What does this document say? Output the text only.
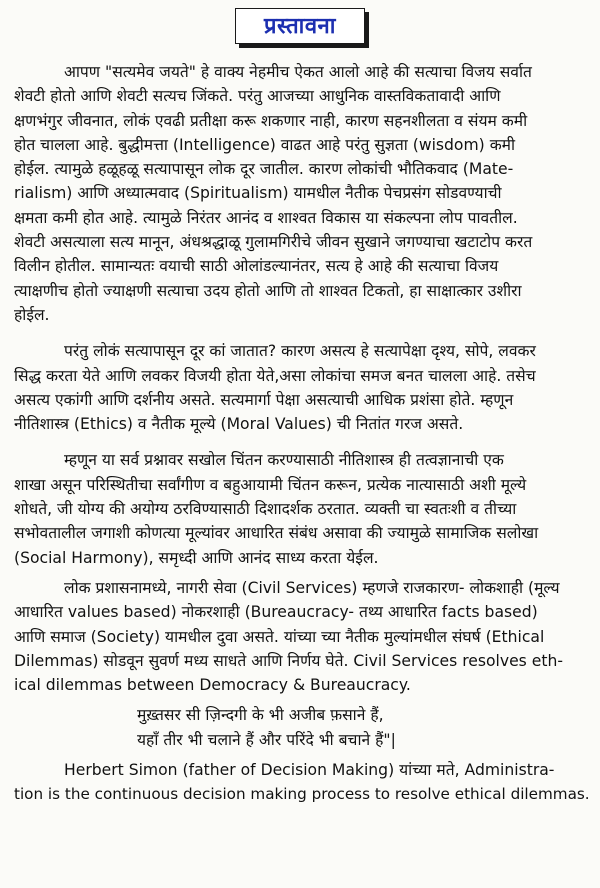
प्रस्तावना

आपण "सत्यमेव जयते" हे वाक्य नेहमीच ऐकत आलो आहे की सत्याचा विजय सर्वात
शेवटी होतो आणि शेवटी सत्यच जिंकते. परंतु आजच्या आधुनिक वास्तविकतावादी आणि
क्षणभंगुर जीवनात, लोकं एवढी प्रतीक्षा करू शकणार नाही, कारण सहनशीलता व संयम कमी
होत चालला आहे. बुद्धीमत्ता (Intelligence) वाढत आहे परंतु सुज्ञता (wisdom) कमी
होईल. त्यामुळे हळूहळू सत्यापासून लोक दूर जातील. कारण लोकांची भौतिकवाद (Mate-
rialism) आणि अध्यात्मवाद (Spiritualism) यामधील नैतीक पेचप्रसंग सोडवण्याची
क्षमता कमी होत आहे. त्यामुळे निरंतर आनंद व शाश्वत विकास या संकल्पना लोप पावतील.
शेवटी असत्याला सत्य मानून, अंधश्रद्धाळू गुलामगिरीचे जीवन सुखाने जगण्याचा खटाटोप करत
विलीन होतील. सामान्यतः वयाची साठी ओलांडल्यानंतर, सत्य हे आहे की सत्याचा विजय
त्याक्षणीच होतो ज्याक्षणी सत्याचा उदय होतो आणि तो शाश्वत टिकतो, हा साक्षात्कार उशीरा
होईल.

परंतु लोकं सत्यापासून दूर कां जातात? कारण असत्य हे सत्यापेक्षा दृश्य, सोपे, लवकर
सिद्ध करता येते आणि लवकर विजयी होता येते,असा लोकांचा समज बनत चालला आहे. तसेच
असत्य एकांगी आणि दर्शनीय असते. सत्यमार्गा पेक्षा असत्याची आधिक प्रशंसा होते. म्हणून
नीतिशास्त्र (Ethics) व नैतीक मूल्ये (Moral Values) ची नितांत गरज असते.

म्हणून या सर्व प्रश्नावर सखोल चिंतन करण्यासाठी नीतिशास्त्र ही तत्वज्ञानाची एक
शाखा असून परिस्थितीचा सर्वांगीण व बहुआयामी चिंतन करून, प्रत्येक नात्यासाठी अशी मूल्ये
शोधते, जी योग्य की अयोग्य ठरविण्यासाठी दिशादर्शक ठरतात. व्यक्ती चा स्वतःशी व तीच्या
सभोवतालील जगाशी कोणत्या मूल्यांवर आधारित संबंध असावा की ज्यामुळे सामाजिक सलोखा
(Social Harmony), समृध्दी आणि आनंद साध्य करता येईल.

लोक प्रशासनामध्ये, नागरी सेवा (Civil Services) म्हणजे राजकारण- लोकशाही (मूल्य
आधारित values based) नोकरशाही (Bureaucracy- तथ्य आधारित facts based)
आणि समाज (Society) यामधील दुवा असते. यांच्या च्या नैतीक मुल्यांमधील संघर्ष (Ethical
Dilemmas) सोडवून सुवर्ण मध्य साधते आणि निर्णय घेते. Civil Services resolves eth-
ical dilemmas between Democracy & Bureaucracy.

मुख़्तसर सी ज़िन्दगी के भी अजीब फ़साने हैं,
यहाँ तीर भी चलाने हैं और परिंदे भी बचाने हैं"|

Herbert Simon (father of Decision Making) यांच्या मते, Administra-
tion is the continuous decision making process to resolve ethical dilemmas.
